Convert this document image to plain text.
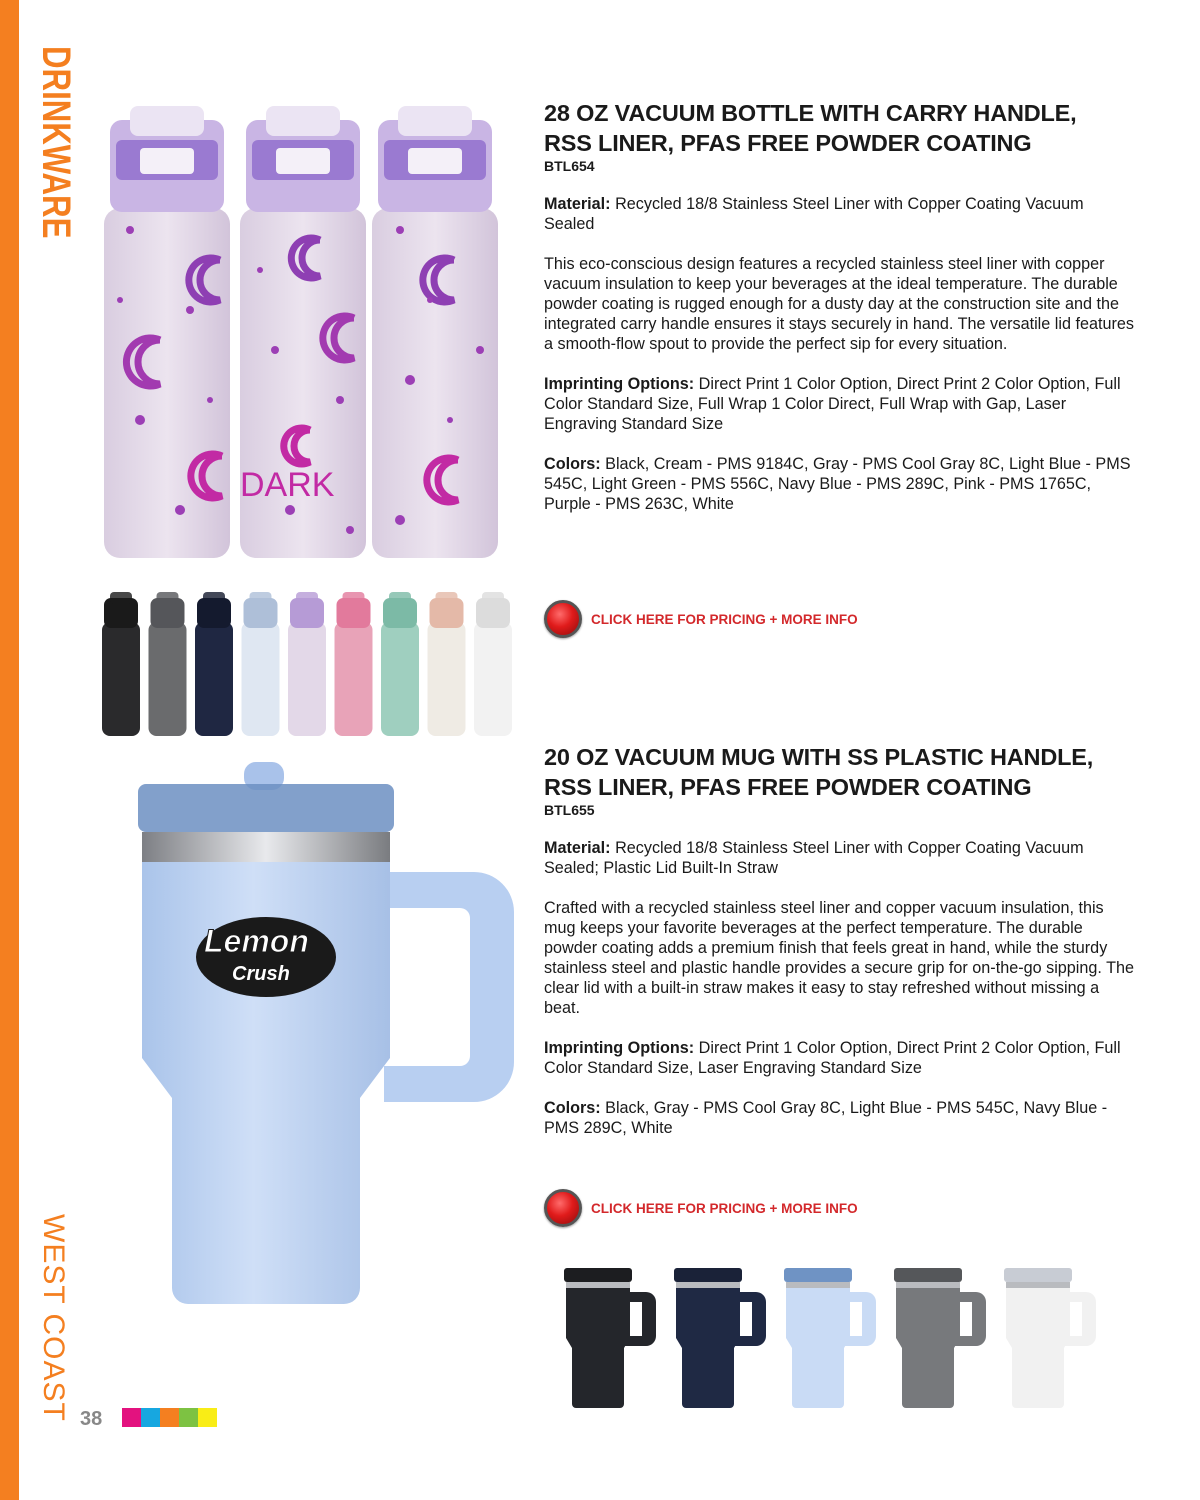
DRINKWARE
WEST COAST
DARK
28 OZ VACUUM BOTTLE WITH CARRY HANDLE,
RSS LINER, PFAS FREE POWDER COATING

BTL654

Material: Recycled 18/8 Stainless Steel Liner with Copper Coating Vacuum Sealed

This eco-conscious design features a recycled stainless steel liner with copper vacuum insulation to keep your beverages at the ideal temperature. The durable powder coating is rugged enough for a dusty day at the construction site and the integrated carry handle ensures it stays securely in hand. The versatile lid features a smooth-flow spout to provide the perfect sip for every situation.

Imprinting Options: Direct Print 1 Color Option, Direct Print 2 Color Option, Full Color Standard Size, Full Wrap 1 Color Direct, Full Wrap with Gap, Laser Engraving Standard Size

Colors: Black, Cream - PMS 9184C, Gray - PMS Cool Gray 8C, Light Blue - PMS 545C, Light Green - PMS 556C, Navy Blue - PMS 289C, Pink - PMS 1765C, Purple - PMS 263C, White

CLICK HERE FOR PRICING + MORE INFO
Lemon
Crush
20 OZ VACUUM MUG WITH SS PLASTIC HANDLE,
RSS LINER, PFAS FREE POWDER COATING

BTL655

Material: Recycled 18/8 Stainless Steel Liner with Copper Coating Vacuum Sealed; Plastic Lid Built-In Straw

Crafted with a recycled stainless steel liner and copper vacuum insulation, this mug keeps your favorite beverages at the perfect temperature. The durable powder coating adds a premium finish that feels great in hand, while the sturdy stainless steel and plastic handle provides a secure grip for on-the-go sipping. The clear lid with a built-in straw makes it easy to stay refreshed without missing a beat.

Imprinting Options: Direct Print 1 Color Option, Direct Print 2 Color Option, Full Color Standard Size, Laser Engraving Standard Size

Colors: Black, Gray - PMS Cool Gray 8C, Light Blue - PMS 545C, Navy Blue - PMS 289C, White

CLICK HERE FOR PRICING + MORE INFO
38
